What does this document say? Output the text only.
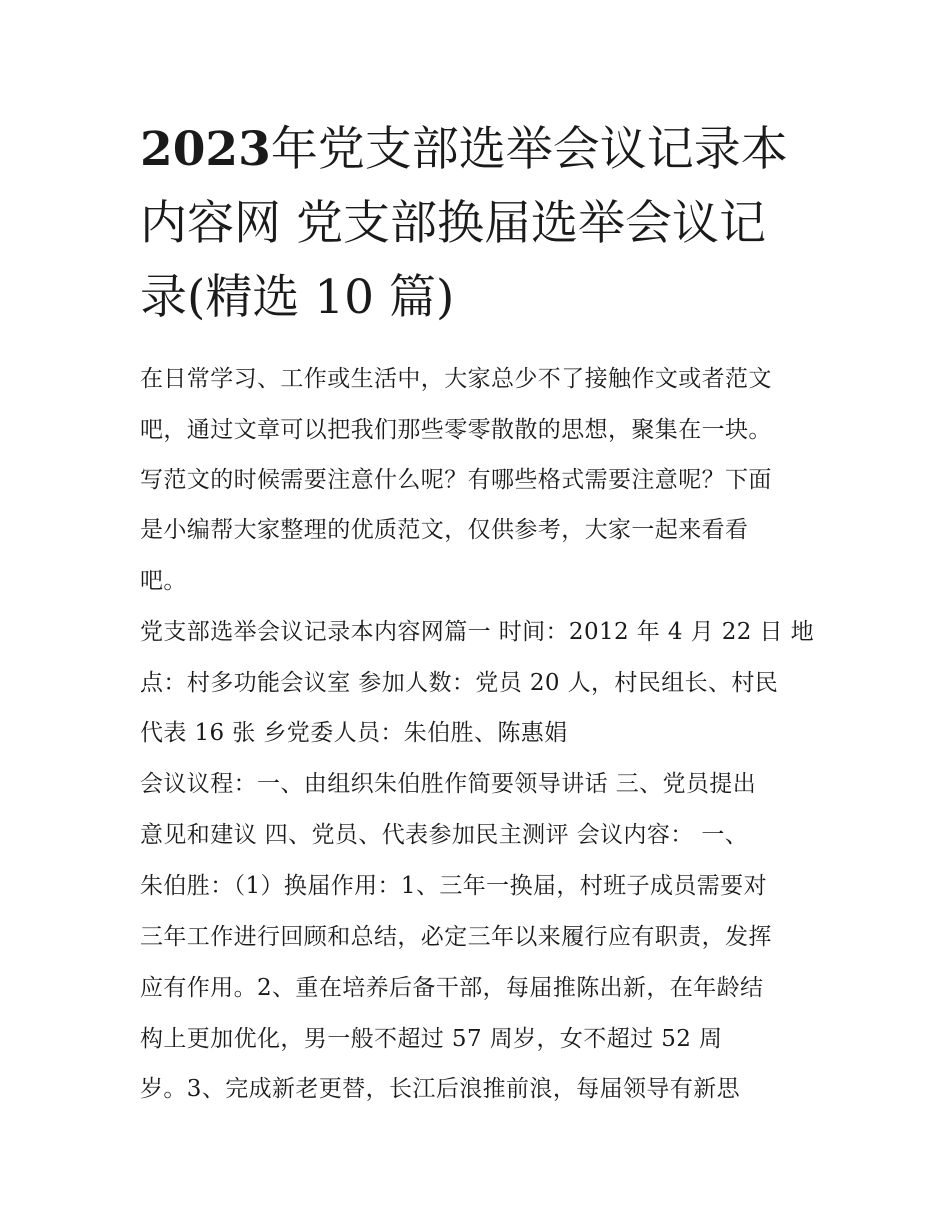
2023年党支部选举会议记录本
内容网 党支部换届选举会议记
录(精选 10 篇)

在日常学习、工作或生活中，大家总少不了接触作文或者范文

吧，通过文章可以把我们那些零零散散的思想，聚集在一块。

写范文的时候需要注意什么呢？有哪些格式需要注意呢？下面

是小编帮大家整理的优质范文，仅供参考，大家一起来看看

吧。

党支部选举会议记录本内容网篇一 时间：2012 年 4 月 22 日 地

点：村多功能会议室 参加人数：党员 20 人，村民组长、村民

代表 16 张 乡党委人员：朱伯胜、陈惠娟

会议议程：一、由组织朱伯胜作简要领导讲话 三、党员提出

意见和建议 四、党员、代表参加民主测评 会议内容： 一、

朱伯胜：（1）换届作用：1、三年一换届，村班子成员需要对

三年工作进行回顾和总结，必定三年以来履行应有职责，发挥

应有作用。2、重在培养后备干部，每届推陈出新，在年龄结

构上更加优化，男一般不超过 57 周岁，女不超过 52 周

岁。3、完成新老更替，长江后浪推前浪，每届领导有新思
